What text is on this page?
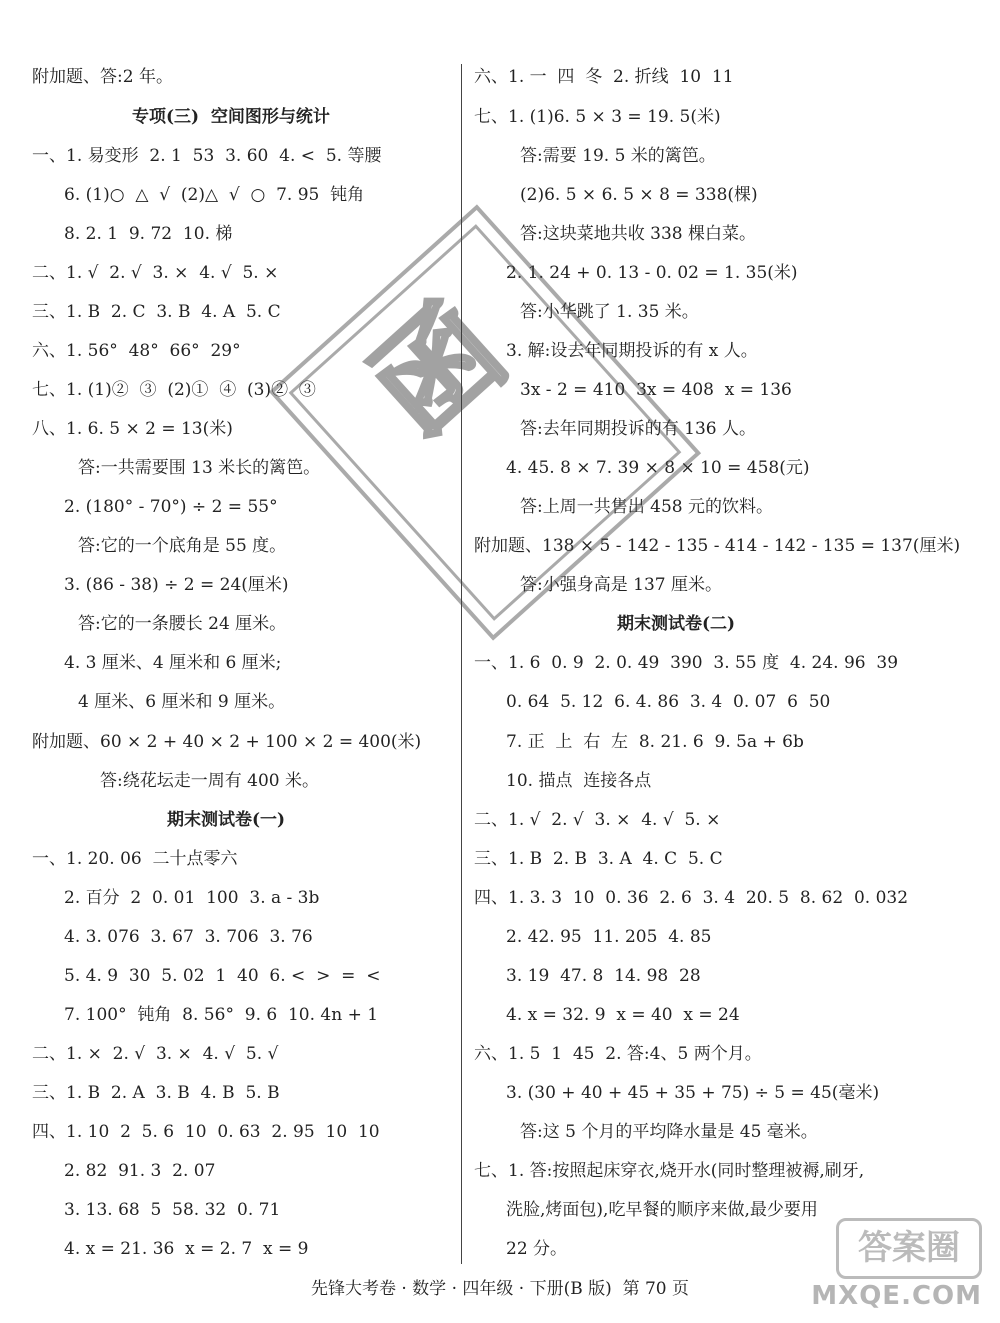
附加题、答:2 年。
专项(三)  空间图形与统计
一、1. 易变形  2. 1  53  3. 60  4. <  5. 等腰
6. (1)○  △  √  (2)△  √  ○  7. 95  钝角
8. 2. 1  9. 72  10. 梯
二、1. √  2. √  3. ×  4. √  5. ×
三、1. B  2. C  3. B  4. A  5. C
六、1. 56°  48°  66°  29°
七、1. (1)②  ③  (2)①  ④  (3)②  ③
八、1. 6. 5 × 2 = 13(米)
答:一共需要围 13 米长的篱笆。
2. (180° - 70°) ÷ 2 = 55°
答:它的一个底角是 55 度。
3. (86 - 38) ÷ 2 = 24(厘米)
答:它的一条腰长 24 厘米。
4. 3 厘米、4 厘米和 6 厘米;
4 厘米、6 厘米和 9 厘米。
附加题、60 × 2 + 40 × 2 + 100 × 2 = 400(米)
答:绕花坛走一周有 400 米。
期末测试卷(一)
一、1. 20. 06  二十点零六
2. 百分  2  0. 01  100  3. a - 3b
4. 3. 076  3. 67  3. 706  3. 76
5. 4. 9  30  5. 02  1  40  6. <  >  =  <
7. 100°  钝角  8. 56°  9. 6  10. 4n + 1
二、1. ×  2. √  3. ×  4. √  5. √
三、1. B  2. A  3. B  4. B  5. B
四、1. 10  2  5. 6  10  0. 63  2. 95  10  10
2. 82  91. 3  2. 07
3. 13. 68  5  58. 32  0. 71
4. x = 21. 36  x = 2. 7  x = 9
六、1. 一  四  冬  2. 折线  10  11
七、1. (1)6. 5 × 3 = 19. 5(米)
答:需要 19. 5 米的篱笆。
(2)6. 5 × 6. 5 × 8 = 338(棵)
答:这块菜地共收 338 棵白菜。
2. 1. 24 + 0. 13 - 0. 02 = 1. 35(米)
答:小华跳了 1. 35 米。
3. 解:设去年同期投诉的有 x 人。
3x - 2 = 410  3x = 408  x = 136
答:去年同期投诉的有 136 人。
4. 45. 8 × 7. 39 × 8 × 10 = 458(元)
答:上周一共售出 458 元的饮料。
附加题、138 × 5 - 142 - 135 - 414 - 142 - 135 = 137(厘米)
答:小强身高是 137 厘米。
期末测试卷(二)
一、1. 6  0. 9  2. 0. 49  390  3. 55 度  4. 24. 96  39
0. 64  5. 12  6. 4. 86  3. 4  0. 07  6  50
7. 正  上  右  左  8. 21. 6  9. 5a + 6b
10. 描点  连接各点
二、1. √  2. √  3. ×  4. √  5. ×
三、1. B  2. B  3. A  4. C  5. C
四、1. 3. 3  10  0. 36  2. 6  3. 4  20. 5  8. 62  0. 032
2. 42. 95  11. 205  4. 85
3. 19  47. 8  14. 98  28
4. x = 32. 9  x = 40  x = 24
六、1. 5  1  45  2. 答:4、5 两个月。
3. (30 + 40 + 45 + 35 + 75) ÷ 5 = 45(毫米)
答:这 5 个月的平均降水量是 45 毫米。
七、1. 答:按照起床穿衣,烧开水(同时整理被褥,刷牙,
洗脸,烤面包),吃早餐的顺序来做,最少要用
22 分。
函
先锋大考卷 · 数学 · 四年级 · 下册(B 版)  第 70 页
答案圈
MXQE.COM
